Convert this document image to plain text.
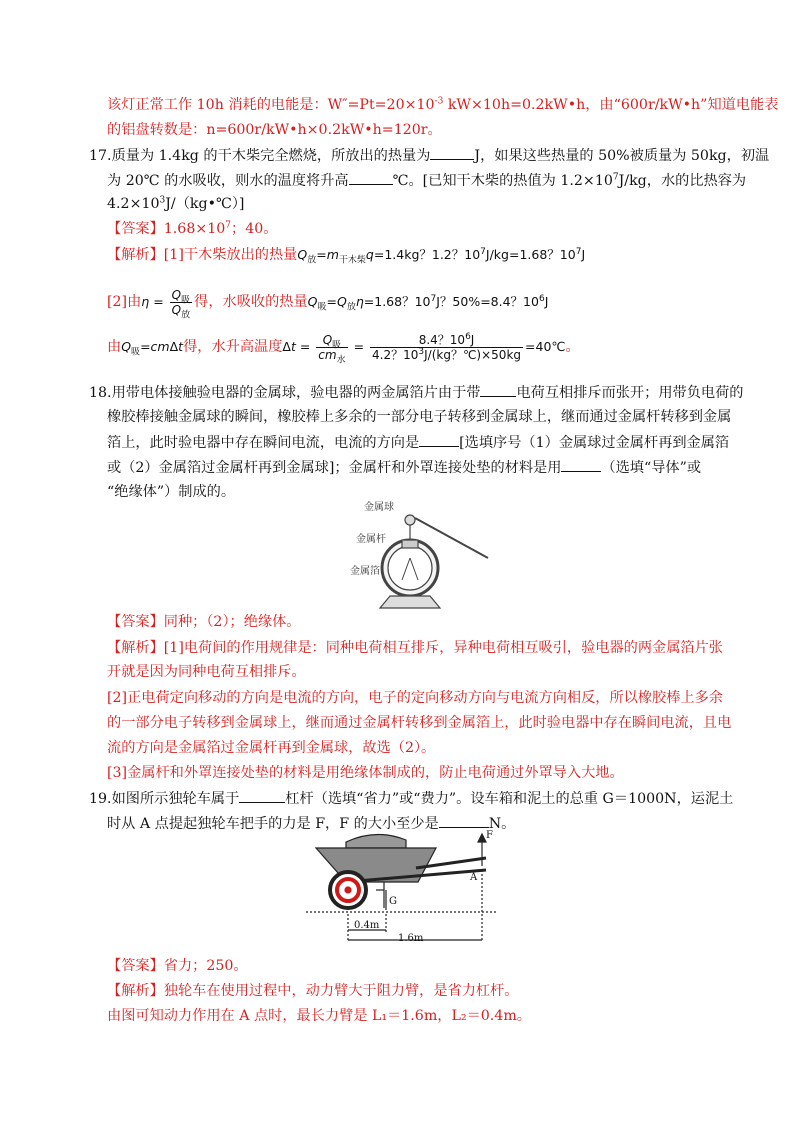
该灯正常工作 10h 消耗的电能是：$W''=Pt=20\times 10^{-3}$ kW×10h=0.2kW•h，由“600r/kW•h”知道电能表
的铝盘转数是：n=600r/kW•h×0.2kW•h=120r。
17.质量为 1.4kg 的干木柴完全燃烧，所放出的热量为	J，如果这些热量的 50%被质量为 50kg，初温
为 20℃ 的水吸收，则水的温度将升高	℃。[已知干木柴的热值为 $1.2\times 10^7J/kg$，水的比热容为
$4.2\times 10^3J/(kg•℃)$]
【答案】$1.68\times 10^7$；40。
【解析】[1]干木柴放出的热量$Q_放=m_{干木柴}q=1.4kg$？1.2？$10^7J/kg=1.68$？$10^7J$
[2]由$\eta = \frac{Q_吸}{Q_放}$ 得，水吸收的热量$Q_吸=Q_放\eta=1.68$？$10^7J$？50%=8.4？$10^6J$
由$Q_吸=cm\Delta t$得，水升高温度$\Delta t = \frac{Q_吸}{cm_水} = \frac{8.4?10^6J}{4.2?10^3J/(kg?℃)\times 50kg}$ =40℃。
18.用带电体接触验电器的金属球，验电器的两金属箔片由于带	电荷互相排斥而张开；用带负电荷的
橡胶棒接触金属球的瞬间，橡胶棒上多余的一部分电子转移到金属球上，继而通过金属杆转移到金属
箔上，此时验电器中存在瞬间电流，电流的方向是	[选填序号（1）金属球过金属杆再到金属箔
或（2）金属箔过金属杆再到金属球]；金属杆和外罩连接处垫的材料是用	（选填“导体”或
“绝缘体”）制成的。
金属球
金属杆
金属箔
【答案】同种；（2）；绝缘体。
【解析】[1]电荷间的作用规律是：同种电荷相互排斥，异种电荷相互吸引，验电器的两金属箔片张
开就是因为同种电荷互相排斥。
[2]正电荷定向移动的方向是电流的方向，电子的定向移动方向与电流方向相反，所以橡胶棒上多余
的一部分电子转移到金属球上，继而通过金属杆转移到金属箔上，此时验电器中存在瞬间电流，且电
流的方向是金属箔过金属杆再到金属球，故选（2）。
[3]金属杆和外罩连接处垫的材料是用绝缘体制成的，防止电荷通过外罩导入大地。
19.如图所示独轮车属于	杠杆（选填“省力”或“费力”。设车箱和泥土的总重 G＝1000N，运泥土
时从 A 点提起独轮车把手的力是 F，F 的大小至少是	N。
F
A
G
0.4m
1.6m
【答案】省力；250。
【解析】独轮车在使用过程中，动力臂大于阻力臂，是省力杠杆。
由图可知动力作用在 A 点时，最长力臂是 L₁＝1.6m，L₂＝0.4m。
